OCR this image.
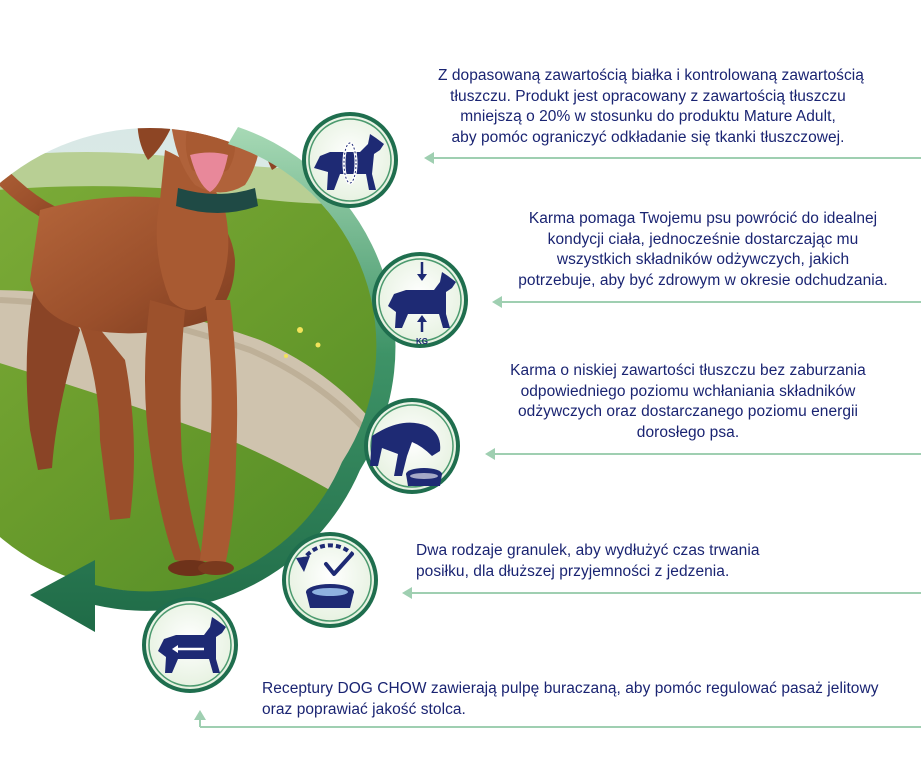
KG
Z dopasowaną zawartością białka i kontrolowaną zawartością
tłuszczu. Produkt jest opracowany z zawartością tłuszczu
mniejszą o 20% w stosunku do produktu Mature Adult,
aby pomóc ograniczyć odkładanie się tkanki tłuszczowej.
Karma pomaga Twojemu psu powrócić do idealnej
kondycji ciała, jednocześnie dostarczając mu
wszystkich składników odżywczych, jakich
potrzebuje, aby być zdrowym w okresie odchudzania.
Karma o niskiej zawartości tłuszczu bez zaburzania
odpowiedniego poziomu wchłaniania składników
odżywczych oraz dostarczanego poziomu energii
dorosłego psa.
Dwa rodzaje granulek, aby wydłużyć czas trwania
posiłku, dla dłuższej przyjemności z jedzenia.
Receptury DOG CHOW zawierają pulpę buraczaną, aby pomóc regulować pasaż jelitowy
oraz poprawiać jakość stolca.
